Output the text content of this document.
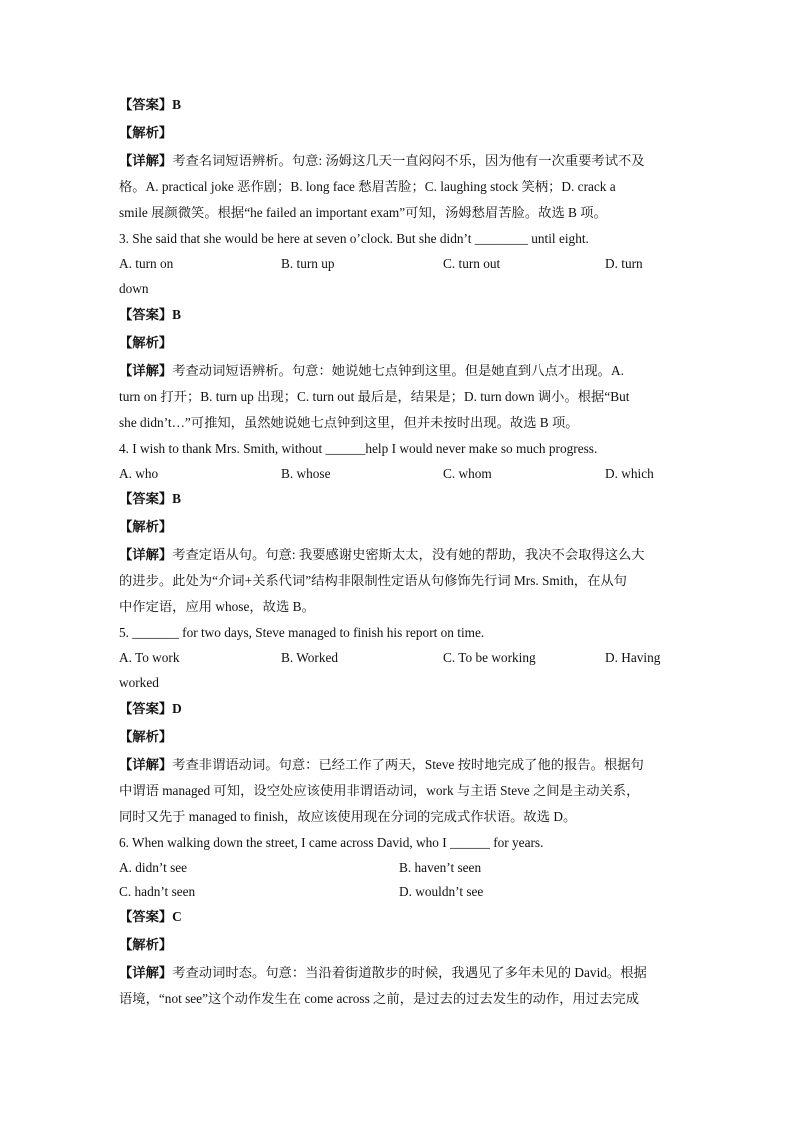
【答案】B
【解析】
【详解】考查名词短语辨析。句意: 汤姆这几天一直闷闷不乐，因为他有一次重要考试不及
格。A. practical joke 恶作剧；B. long face 愁眉苦脸；C. laughing stock 笑柄；D. crack a
smile 展颜微笑。根据“he failed an important exam”可知，汤姆愁眉苦脸。故选 B 项。
3. She said that she would be here at seven o’clock. But she didn’t ________ until eight.
A. turn on	B. turn up	C. turn out	D. turn
down
【答案】B
【解析】
【详解】考查动词短语辨析。句意：她说她七点钟到这里。但是她直到八点才出现。A.
turn on 打开；B. turn up 出现；C. turn out 最后是，结果是；D. turn down 调小。根据“But
she didn’t…”可推知，虽然她说她七点钟到这里，但并未按时出现。故选 B 项。
4. I wish to thank Mrs. Smith, without ______help I would never make so much progress.
A. who	B. whose	C. whom	D. which
【答案】B
【解析】
【详解】考查定语从句。句意: 我要感谢史密斯太太，没有她的帮助，我决不会取得这么大
的进步。此处为“介词+关系代词”结构非限制性定语从句修饰先行词 Mrs. Smith，在从句
中作定语，应用 whose，故选 B。
5. _______ for two days, Steve managed to finish his report on time.
A. To work	B. Worked	C. To be working	D. Having
worked
【答案】D
【解析】
【详解】考查非谓语动词。句意：已经工作了两天，Steve 按时地完成了他的报告。根据句
中谓语 managed 可知，设空处应该使用非谓语动词，work 与主语 Steve 之间是主动关系，
同时又先于 managed to finish，故应该使用现在分词的完成式作状语。故选 D。
6. When walking down the street, I came across David, who I ______ for years.
A. didn’t see	B. haven’t seen
C. hadn’t seen	D. wouldn’t see
【答案】C
【解析】
【详解】考查动词时态。句意：当沿着街道散步的时候，我遇见了多年未见的 David。根据
语境，“not see”这个动作发生在 come across 之前，是过去的过去发生的动作，用过去完成
